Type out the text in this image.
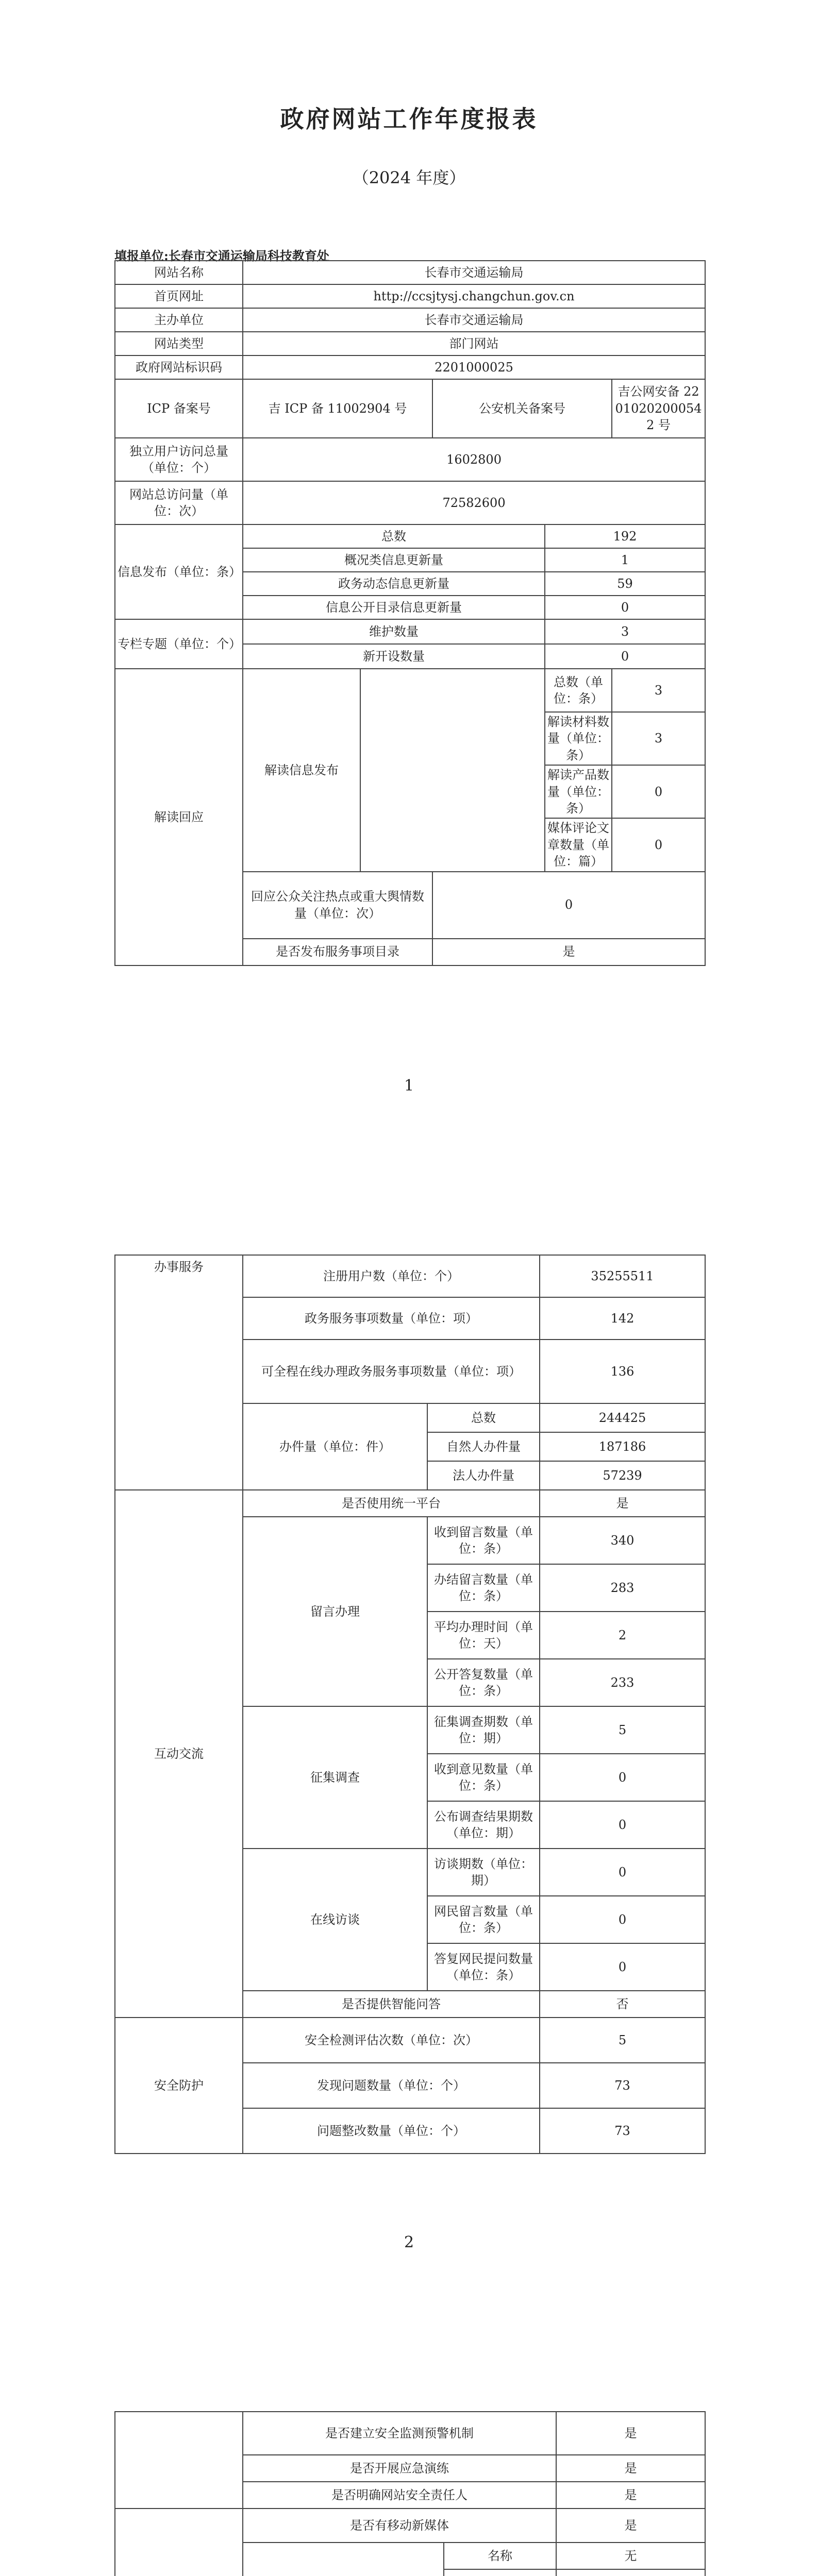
政府网站工作年度报表
（2024 年度）
填报单位:长春市交通运输局科技教育处
网站名称	长春市交通运输局				
首页网址	http://ccsjtysj.changchun.gov.cn				
主办单位	长春市交通运输局				
网站类型	部门网站				
政府网站标识码	2201000025				
ICP 备案号	吉 ICP 备 11002904 号		公安机关备案号		吉公网安备 22010202000542 号
独立用户访问总量（单位：个）	1602800				
网站总访问量（单位：次）	72582600				
信息发布（单位：条）	总数			192	
	概况类信息更新量			1	
	政务动态信息更新量			59	
	信息公开目录信息更新量			0	
专栏专题（单位：个）	维护数量			3	
	新开设数量			0	
解读回应	解读信息发布			总数（单位：条）	3
				解读材料数量（单位：条）	3
				解读产品数量（单位：条）	0
				媒体评论文章数量（单位：篇）	0
	回应公众关注热点或重大舆情数量（单位：次）		0		
	是否发布服务事项目录		是		
1
办事服务	注册用户数（单位：个）		35255511
	政务服务事项数量（单位：项）		142
	可全程在线办理政务服务事项数量（单位：项）		136
	办件量（单位：件）	总数	244425
		自然人办件量	187186
		法人办件量	57239
互动交流	是否使用统一平台		是
	留言办理	收到留言数量（单位：条）	340
		办结留言数量（单位：条）	283
		平均办理时间（单位：天）	2
		公开答复数量（单位：条）	233
	征集调查	征集调查期数（单位：期）	5
		收到意见数量（单位：条）	0
		公布调查结果期数（单位：期）	0
	在线访谈	访谈期数（单位：期）	0
		网民留言数量（单位：条）	0
		答复网民提问数量（单位：条）	0
	是否提供智能问答		否
安全防护	安全检测评估次数（单位：次）		5
	发现问题数量（单位：个）		73
	问题整改数量（单位：个）		73
2
	是否建立安全监测预警机制		是
	是否开展应急演练		是
	是否明确网站安全责任人		是
	是否有移动新媒体		是
	名称	无
